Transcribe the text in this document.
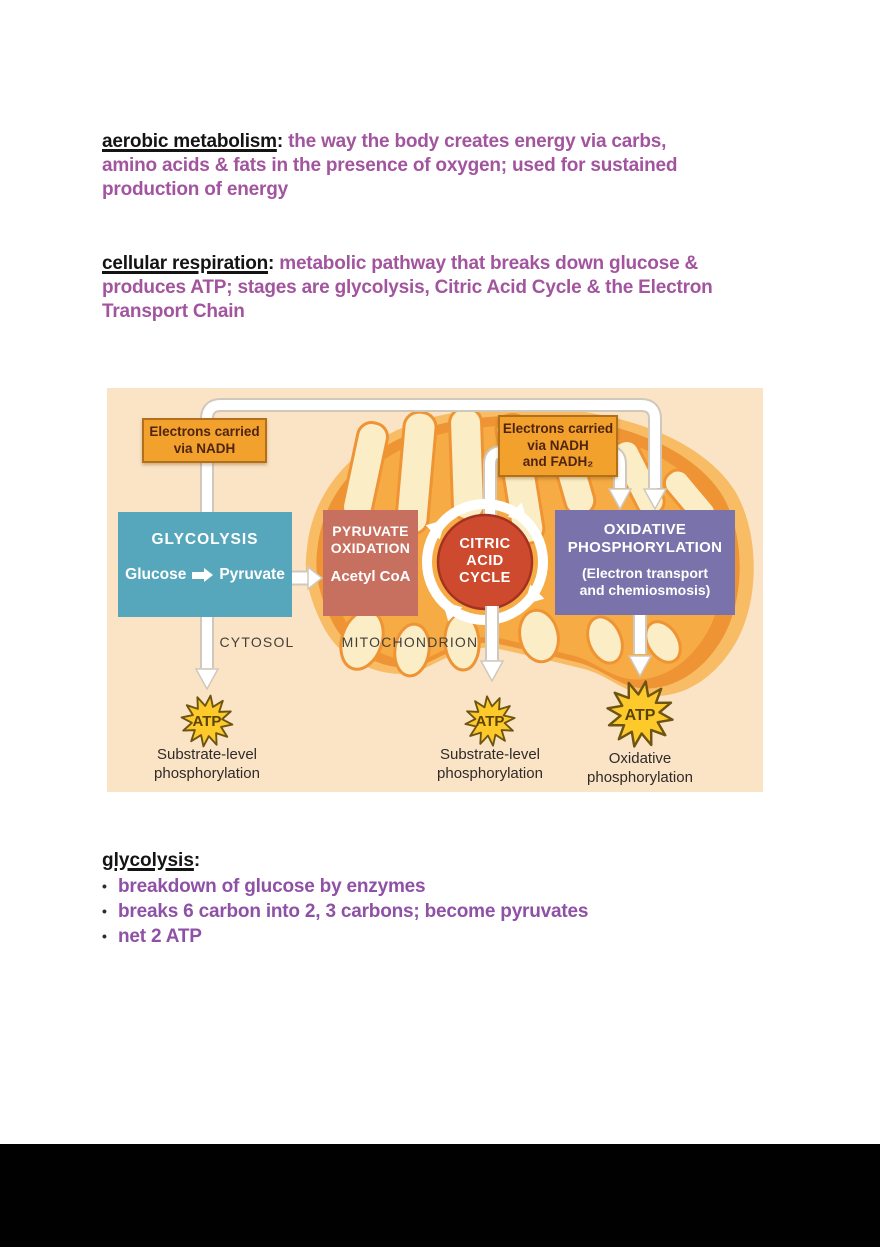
aerobic metabolism: the way the body creates energy via carbs,
amino acids & fats in the presence of oxygen; used for sustained
production of energy

cellular respiration: metabolic pathway that breaks down glucose &
produces ATP; stages are glycolysis, Citric Acid Cycle & the Electron
Transport Chain

ATP	ATP	ATP
Electrons carried
via NADH
Electrons carried
via NADH
and FADH₂
GLYCOLYSIS
Glucose Pyruvate
PYRUVATE
OXIDATION
Acetyl CoA
CITRIC
ACID
CYCLE
OXIDATIVE
PHOSPHORYLATION
(Electron transport
and chemiosmosis)
CYTOSOL	MITOCHONDRION
Substrate-level
phosphorylation
Substrate-level
phosphorylation
Oxidative
phosphorylation
glycolysis:
• breakdown of glucose by enzymes
• breaks 6 carbon into 2, 3 carbons; become pyruvates
• net 2 ATP
